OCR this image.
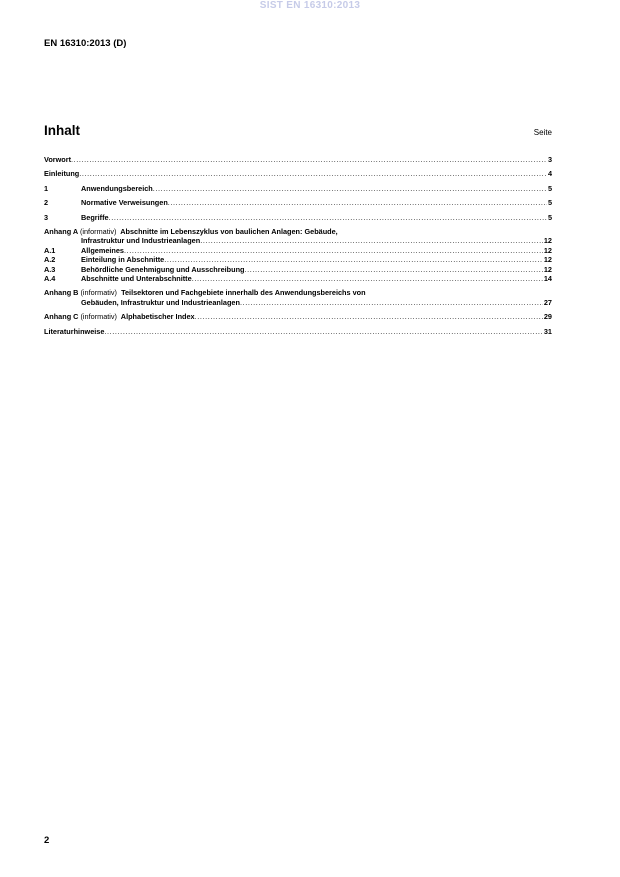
SIST EN 16310:2013
EN 16310:2013 (D)
Inhalt	Seite
Vorwort .....	3
Einleitung .....	4
1	Anwendungsbereich .....	5
2	Normative Verweisungen .....	5
3	Begriffe .....	5
Anhang A (informativ) Abschnitte im Lebenszyklus von baulichen Anlagen: Gebäude,
Infrastruktur und Industrieanlagen .....	12
A.1	Allgemeines .....	12
A.2	Einteilung in Abschnitte .....	12
A.3	Behördliche Genehmigung und Ausschreibung .....	12
A.4	Abschnitte und Unterabschnitte .....	14
Anhang B (informativ) Teilsektoren und Fachgebiete innerhalb des Anwendungsbereichs von
Gebäuden, Infrastruktur und Industrieanlagen .....	27
Anhang C (informativ) Alphabetischer Index .....	29
Literaturhinweise .....	31
2
